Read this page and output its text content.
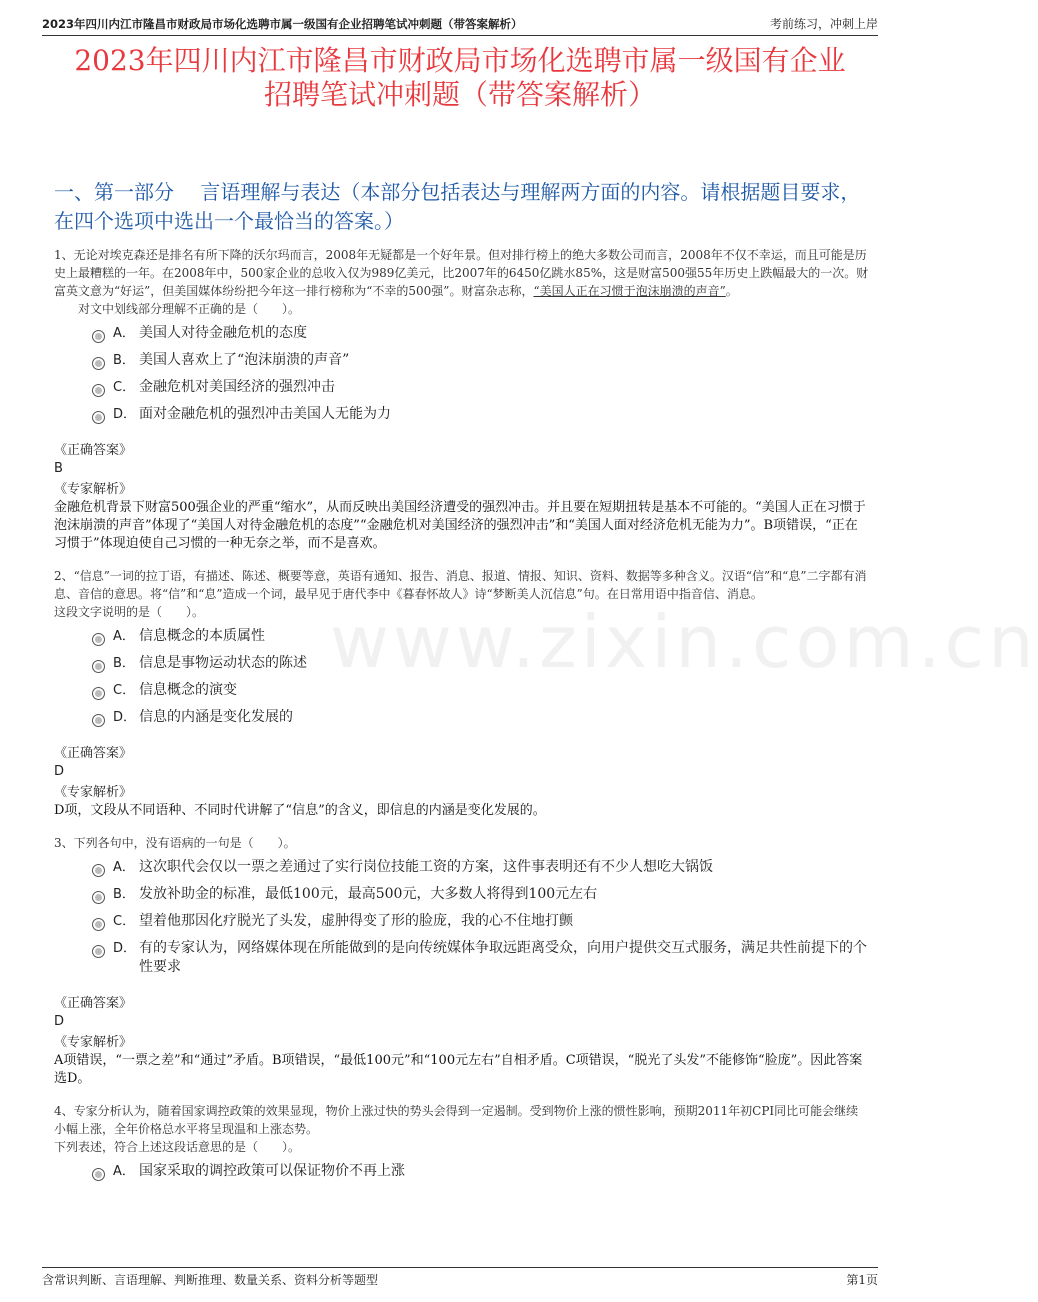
2023年四川内江市隆昌市财政局市场化选聘市属一级国有企业招聘笔试冲刺题（带答案解析）	考前练习，冲刺上岸
2023年四川内江市隆昌市财政局市场化选聘市属一级国有企业
招聘笔试冲刺题（带答案解析）
一、第一部分　 言语理解与表达（本部分包括表达与理解两方面的内容。请根据题目要求，在四个选项中选出一个最恰当的答案。）
www.zixin.com.cn
1、无论对埃克森还是排名有所下降的沃尔玛而言，2008年无疑都是一个好年景。但对排行榜上的绝大多数公司而言，2008年不仅不幸运，而且可能是历史上最糟糕的一年。在2008年中，500家企业的总收入仅为989亿美元，比2007年的6450亿跳水85%，这是财富500强55年历史上跌幅最大的一次。财富英文意为“好运”，但美国媒体纷纷把今年这一排行榜称为“不幸的500强”。财富杂志称，“美国人正在习惯于泡沫崩溃的声音”。
对文中划线部分理解不正确的是（　　）。
A． 美国人对待金融危机的态度
B． 美国人喜欢上了“泡沫崩溃的声音”
C． 金融危机对美国经济的强烈冲击
D． 面对金融危机的强烈冲击美国人无能为力
《正确答案》
B
《专家解析》
金融危机背景下财富500强企业的严重“缩水”，从而反映出美国经济遭受的强烈冲击。并且要在短期扭转是基本不可能的。“美国人正在习惯于泡沫崩溃的声音”体现了“美国人对待金融危机的态度”“金融危机对美国经济的强烈冲击”和“美国人面对经济危机无能为力”。B项错误，“正在习惯于”体现迫使自己习惯的一种无奈之举，而不是喜欢。
2、“信息”一词的拉丁语，有描述、陈述、概要等意，英语有通知、报告、消息、报道、情报、知识、资料、数据等多种含义。汉语“信”和“息”二字都有消息、音信的意思。将“信”和“息”造成一个词，最早见于唐代李中《暮春怀故人》诗“梦断美人沉信息”句。在日常用语中指音信、消息。
这段文字说明的是（　　）。
A． 信息概念的本质属性
B． 信息是事物运动状态的陈述
C． 信息概念的演变
D． 信息的内涵是变化发展的
《正确答案》
D
《专家解析》
D项，文段从不同语种、不同时代讲解了“信息”的含义，即信息的内涵是变化发展的。
3、下列各句中，没有语病的一句是（　　）。
A． 这次职代会仅以一票之差通过了实行岗位技能工资的方案，这件事表明还有不少人想吃大锅饭
B． 发放补助金的标准，最低100元，最高500元，大多数人将得到100元左右
C． 望着他那因化疗脱光了头发，虚肿得变了形的脸庞，我的心不住地打颤
D． 有的专家认为，网络媒体现在所能做到的是向传统媒体争取远距离受众，向用户提供交互式服务，满足共性前提下的个性要求
《正确答案》
D
《专家解析》
A项错误，“一票之差”和“通过”矛盾。B项错误，“最低100元”和“100元左右”自相矛盾。C项错误，“脱光了头发”不能修饰“脸庞”。因此答案选D。
4、专家分析认为，随着国家调控政策的效果显现，物价上涨过快的势头会得到一定遏制。受到物价上涨的惯性影响，预期2011年初CPI同比可能会继续小幅上涨，全年价格总水平将呈现温和上涨态势。
下列表述，符合上述这段话意思的是（　　）。
A． 国家采取的调控政策可以保证物价不再上涨
含常识判断、言语理解、判断推理、数量关系、资料分析等题型	第1页
